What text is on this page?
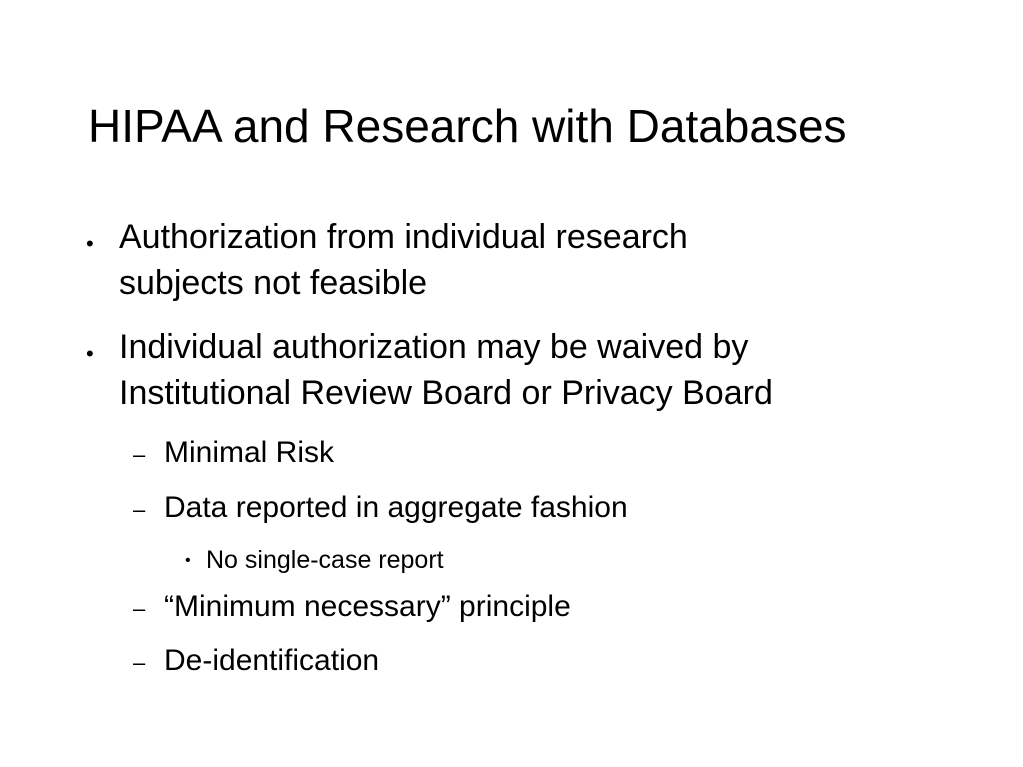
HIPAA and Research with Databases
• Authorization from individual research
subjects not feasible
• Individual authorization may be waived by
Institutional Review Board or Privacy Board
– Minimal Risk
– Data reported in aggregate fashion
• No single-case report
– “Minimum necessary” principle
– De-identification
